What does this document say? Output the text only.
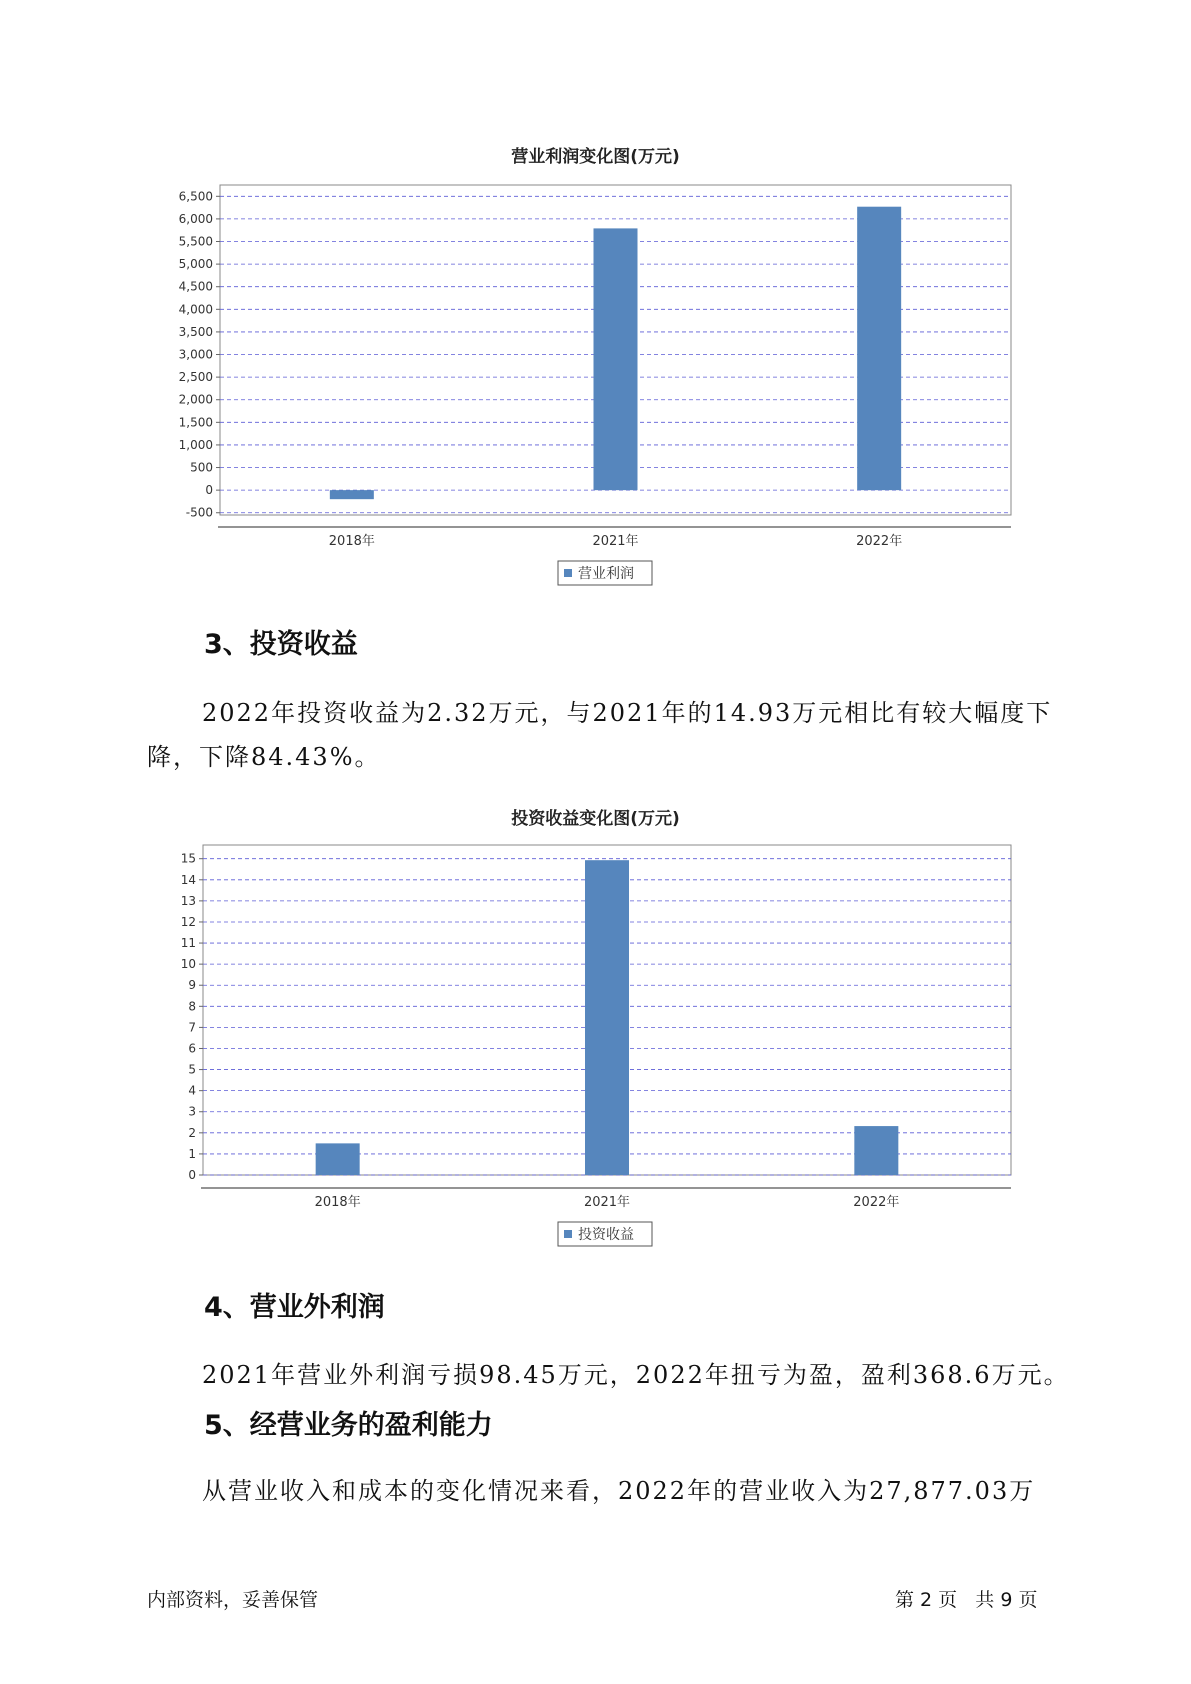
营业利润变化图(万元)
-500
0
500
1,000
1,500
2,000
2,500
3,000
3,500
4,000
4,500
5,000
5,500
6,000
6,500
2018年	2021年	2022年
营业利润
3、投资收益
2022年投资收益为2.32万元，与2021年的14.93万元相比有较大幅度下
降，下降84.43%。
投资收益变化图(万元)
0
1
2
3
4
5
6
7
8
9
10
11
12
13
14
15
2018年	2021年	2022年
投资收益
4、营业外利润
2021年营业外利润亏损98.45万元，2022年扭亏为盈，盈利368.6万元。
5、经营业务的盈利能力
从营业收入和成本的变化情况来看，2022年的营业收入为27,877.03万
内部资料，妥善保管	第 2 页   共 9 页
